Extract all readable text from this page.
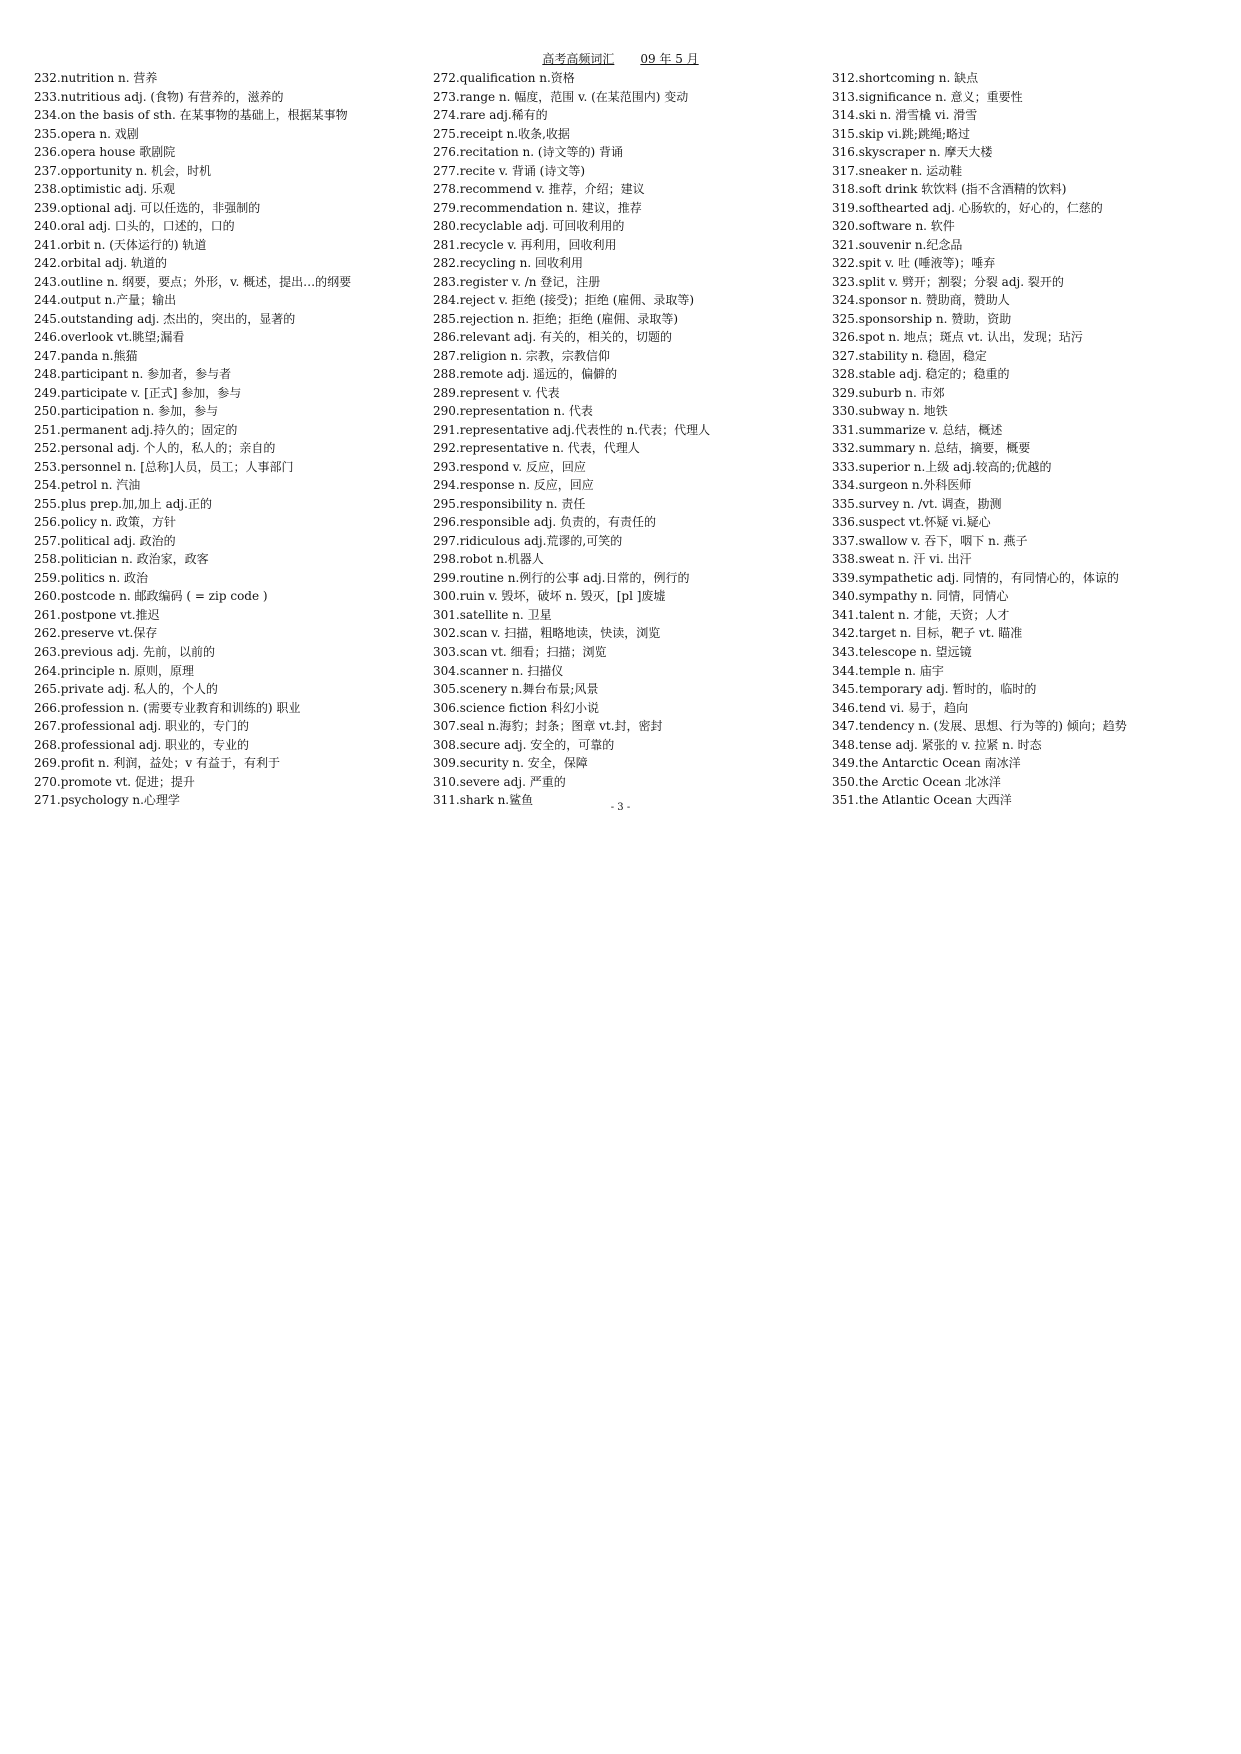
高考高频词汇 09 年 5 月
232.nutrition n. 营养
233.nutritious adj. (食物) 有营养的，滋养的
234.on the basis of sth. 在某事物的基础上，根据某事物
235.opera n. 戏剧
236.opera house 歌剧院
237.opportunity n. 机会，时机
238.optimistic adj. 乐观
239.optional adj. 可以任选的，非强制的
240.oral adj. 口头的，口述的，口的
241.orbit n. (天体运行的) 轨道
242.orbital adj. 轨道的
243.outline n. 纲要，要点；外形，v. 概述，提出…的纲要
244.output n.产量；输出
245.outstanding adj. 杰出的，突出的，显著的
246.overlook vt.眺望;漏看
247.panda n.熊猫
248.participant n. 参加者，参与者
249.participate v. [正式] 参加，参与
250.participation n. 参加，参与
251.permanent adj.持久的；固定的
252.personal adj. 个人的，私人的；亲自的
253.personnel n. [总称]人员，员工；人事部门
254.petrol n. 汽油
255.plus prep.加,加上 adj.正的
256.policy n. 政策，方针
257.political adj. 政治的
258.politician n. 政治家，政客
259.politics n. 政治
260.postcode n. 邮政编码 ( = zip code )
261.postpone vt.推迟
262.preserve vt.保存
263.previous adj. 先前，以前的
264.principle n. 原则，原理
265.private adj. 私人的，个人的
266.profession n. (需要专业教育和训练的) 职业
267.professional adj. 职业的，专门的
268.professional adj. 职业的，专业的
269.profit n. 利润，益处；v 有益于，有利于
270.promote vt. 促进；提升
271.psychology n.心理学
272.qualification n.资格
273.range n. 幅度，范围 v. (在某范围内) 变动
274.rare adj.稀有的
275.receipt n.收条,收据
276.recitation n. (诗文等的) 背诵
277.recite v. 背诵 (诗文等)
278.recommend v. 推荐，介绍；建议
279.recommendation n. 建议，推荐
280.recyclable adj. 可回收利用的
281.recycle v. 再利用，回收利用
282.recycling n. 回收利用
283.register v. /n 登记，注册
284.reject v. 拒绝 (接受)；拒绝 (雇佣、录取等)
285.rejection n. 拒绝；拒绝 (雇佣、录取等)
286.relevant adj. 有关的，相关的，切题的
287.religion n. 宗教，宗教信仰
288.remote adj. 遥远的，偏僻的
289.represent v. 代表
290.representation n. 代表
291.representative adj.代表性的 n.代表；代理人
292.representative n. 代表，代理人
293.respond v. 反应，回应
294.response n. 反应，回应
295.responsibility n. 责任
296.responsible adj. 负责的，有责任的
297.ridiculous adj.荒谬的,可笑的
298.robot n.机器人
299.routine n.例行的公事 adj.日常的，例行的
300.ruin v. 毁坏，破坏 n. 毁灭，[pl ]废墟
301.satellite n. 卫星
302.scan v. 扫描，粗略地读，快读，浏览
303.scan vt. 细看；扫描；浏览
304.scanner n. 扫描仪
305.scenery n.舞台布景;风景
306.science fiction 科幻小说
307.seal n.海豹；封条；图章 vt.封，密封
308.secure adj. 安全的，可靠的
309.security n. 安全，保障
310.severe adj. 严重的
311.shark n.鲨鱼
312.shortcoming n. 缺点
313.significance n. 意义；重要性
314.ski n. 滑雪橇 vi. 滑雪
315.skip vi.跳;跳绳;略过
316.skyscraper n. 摩天大楼
317.sneaker n. 运动鞋
318.soft drink 软饮料 (指不含酒精的饮料)
319.softhearted adj. 心肠软的，好心的，仁慈的
320.software n. 软件
321.souvenir n.纪念品
322.spit v. 吐 (唾液等)；唾弃
323.split v. 劈开；割裂；分裂 adj. 裂开的
324.sponsor n. 赞助商，赞助人
325.sponsorship n. 赞助，资助
326.spot n. 地点；斑点 vt. 认出，发现；玷污
327.stability n. 稳固，稳定
328.stable adj. 稳定的；稳重的
329.suburb n. 市郊
330.subway n. 地铁
331.summarize v. 总结，概述
332.summary n. 总结，摘要，概要
333.superior n.上级 adj.较高的;优越的
334.surgeon n.外科医师
335.survey n. /vt. 调查，勘测
336.suspect vt.怀疑 vi.疑心
337.swallow v. 吞下，咽下 n. 燕子
338.sweat n. 汗 vi. 出汗
339.sympathetic adj. 同情的，有同情心的，体谅的
340.sympathy n. 同情，同情心
341.talent n. 才能，天资；人才
342.target n. 目标，靶子 vt. 瞄准
343.telescope n. 望远镜
344.temple n. 庙宇
345.temporary adj. 暂时的，临时的
346.tend vi. 易于，趋向
347.tendency n. (发展、思想、行为等的) 倾向；趋势
348.tense adj. 紧张的 v. 拉紧 n. 时态
349.the Antarctic Ocean 南冰洋
350.the Arctic Ocean 北冰洋
351.the Atlantic Ocean 大西洋
- 3 -
